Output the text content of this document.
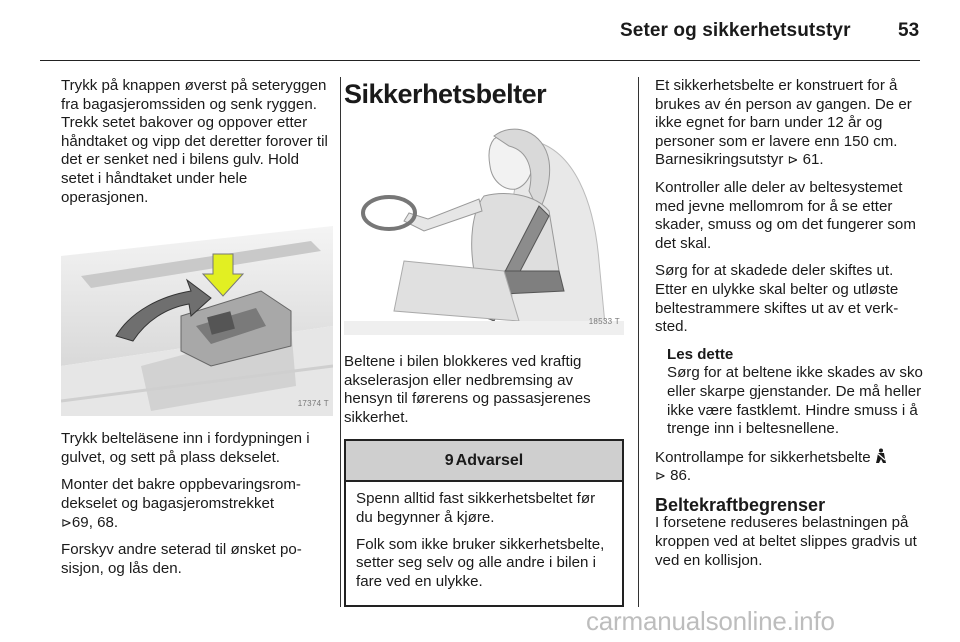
Seter og sikkerhetsutstyr 53

Trykk på knappen øverst på seteryggen fra bagasjeromssiden og senk ryggen. Trekk setet bakover og oppover etter håndtaket og vipp det deretter forover til det er senket ned i bilens gulv. Hold setet i håndtaket under hele operasjonen.

17374 T

Trykk belteläsene inn i fordypningen i gulvet, og sett på plass dekselet.

Monter det bakre oppbevaringsromdekselet og bagasjeromstrekket
⊳69, 68.

Forskyv andre seterad til ønsket posisjon, og lås den.

Sikkerhetsbelter
18533 T

Beltene i bilen blokkeres ved kraftig akselerasjon eller nedbremsing av hensyn til førerens og passasjerenes sikkerhet.

9 Advarsel

Spenn alltid fast sikkerhetsbeltet før du begynner å kjøre.

Folk som ikke bruker sikkerhetsbelte, setter seg selv og alle andre i bilen i fare ved en ulykke.

Et sikkerhetsbelte er konstruert for å brukes av én person av gangen. De er ikke egnet for barn under 12 år og personer som er lavere enn 150 cm. Barnesikringsutstyr ⊳ 61.

Kontroller alle deler av beltesystemet med jevne mellomrom for å se etter skader, smuss og om det fungerer som det skal.

Sørg for at skadede deler skiftes ut. Etter en ulykke skal belter og utløste beltestrammere skiftes ut av et verksted.

Les dette
Sørg for at beltene ikke skades av sko eller skarpe gjenstander. De må heller ikke være fastklemt. Hindre smuss i å trenge inn i beltesnellene.

Kontrollampe for sikkerhetsbelte
⊳ 86.

Beltekraftbegrenser

I forsetene reduseres belastningen på kroppen ved at beltet slippes gradvis ut ved en kollisjon.

carmanualsonline.info
